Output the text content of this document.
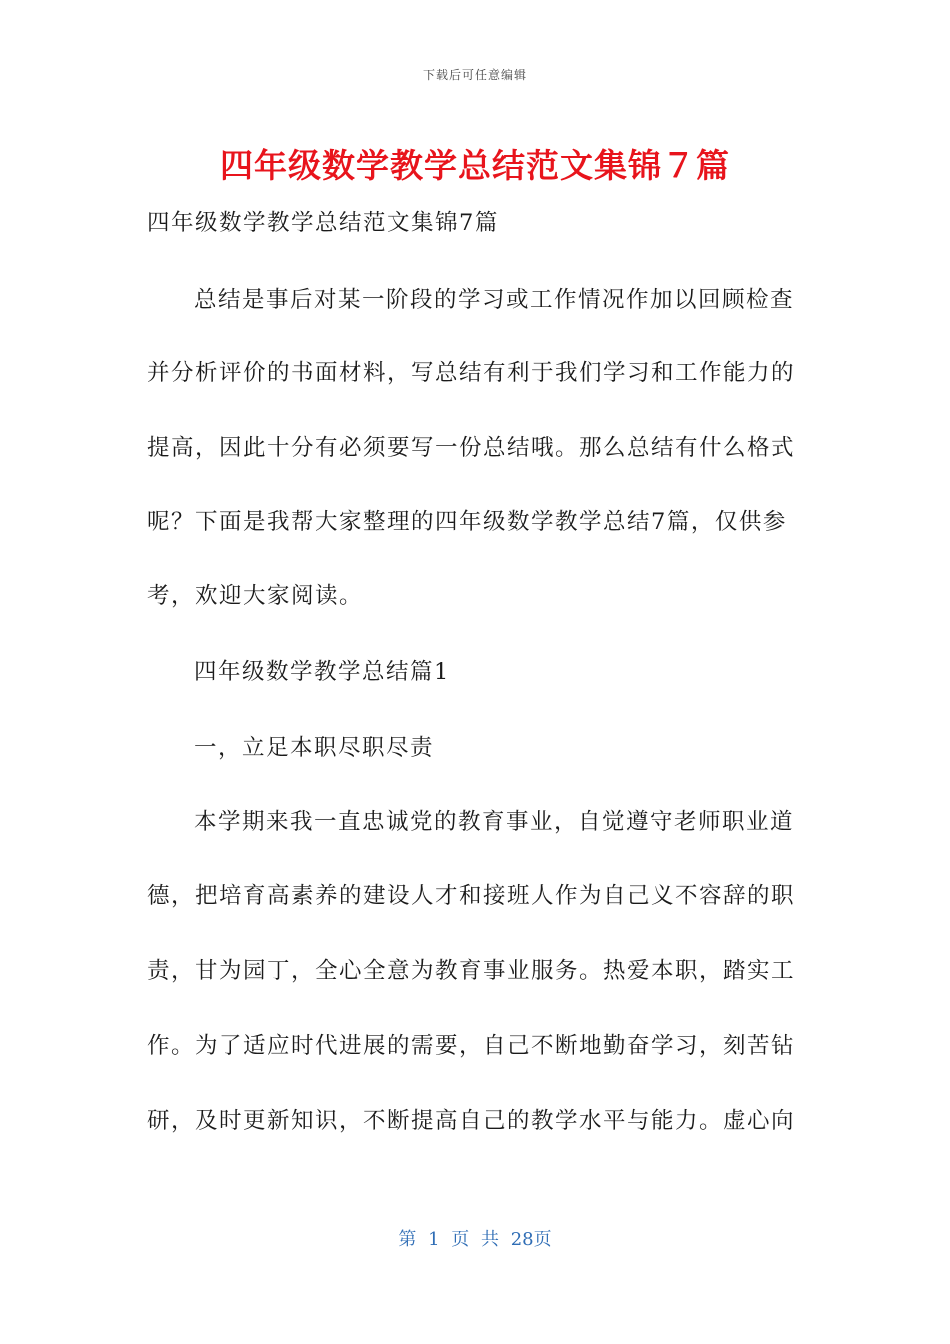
下载后可任意编辑
四年级数学教学总结范文集锦７篇

四年级数学教学总结范文集锦7篇

总结是事后对某一阶段的学习或工作情况作加以回顾检查

并分析评价的书面材料，写总结有利于我们学习和工作能力的

提高，因此十分有必须要写一份总结哦。那么总结有什么格式

呢？下面是我帮大家整理的四年级数学教学总结7篇，仅供参

考，欢迎大家阅读。

四年级数学教学总结篇1

一，立足本职尽职尽责

本学期来我一直忠诚党的教育事业，自觉遵守老师职业道

德，把培育高素养的建设人才和接班人作为自己义不容辞的职

责，甘为园丁，全心全意为教育事业服务。热爱本职，踏实工

作。为了适应时代进展的需要，自己不断地勤奋学习，刻苦钻

研，及时更新知识，不断提高自己的教学水平与能力。虚心向

第 1 页 共 28页
